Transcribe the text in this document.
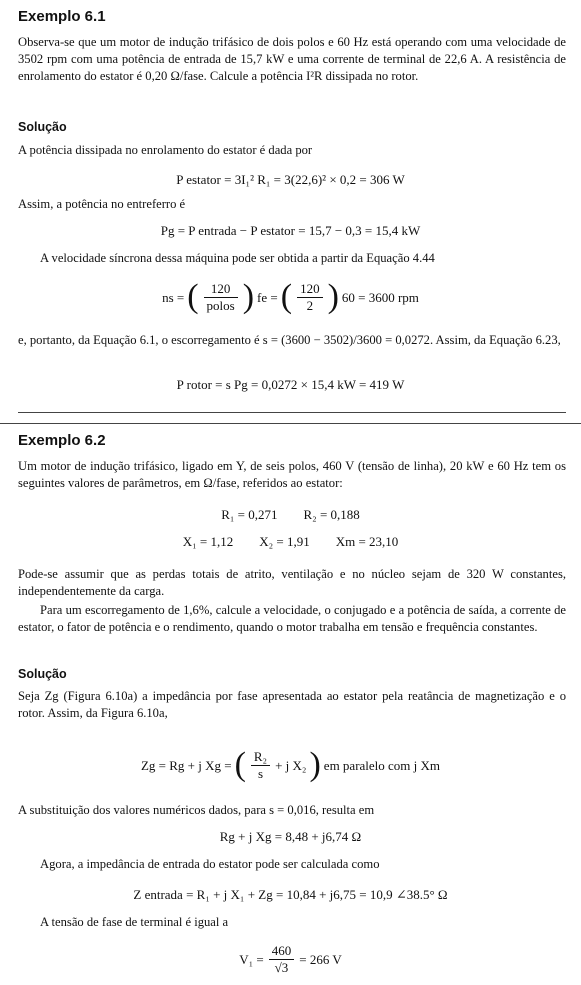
Exemplo 6.1
Observa-se que um motor de indução trifásico de dois polos e 60 Hz está operando com uma velocidade de 3502 rpm com uma potência de entrada de 15,7 kW e uma corrente de terminal de 22,6 A. A resistência de enrolamento do estator é 0,20 Ω/fase. Calcule a potência I²R dissipada no rotor.
Solução
A potência dissipada no enrolamento do estator é dada por
P estator = 3I₁² R₁ = 3(22,6)² × 0,2 = 306 W
Assim, a potência no entreferro é
Pg = P entrada − P estator = 15,7 − 0,3 = 15,4 kW
A velocidade síncrona dessa máquina pode ser obtida a partir da Equação 4.44
ns = ( $\frac{120}{\text{polos}}$ ) fe = ( $\frac{120}{2}$ ) 60 = 3600 rpm
e, portanto, da Equação 6.1, o escorregamento é s = (3600 − 3502)/3600 = 0,0272. Assim, da Equação 6.23,
P rotor = s Pg = 0,0272 × 15,4 kW = 419 W
Exemplo 6.2
Um motor de indução trifásico, ligado em Y, de seis polos, 460 V (tensão de linha), 20 kW e 60 Hz tem os seguintes valores de parâmetros, em Ω/fase, referidos ao estator:
R₁ = 0,271        R₂ = 0,188
X₁ = 1,12        X₂ = 1,91        Xm = 23,10
Pode-se assumir que as perdas totais de atrito, ventilação e no núcleo sejam de 320 W constantes, independentemente da carga.
Para um escorregamento de 1,6%, calcule a velocidade, o conjugado e a potência de saída, a corrente de estator, o fator de potência e o rendimento, quando o motor trabalha em tensão e frequência constantes.
Solução
Seja Zg (Figura 6.10a) a impedância por fase apresentada ao estator pela reatância de magnetização e o rotor. Assim, da Figura 6.10a,
Zg = Rg + j Xg = ( $\frac{\text{R₂}}{s} + j$ X₂ ) em paralelo com j Xm
A substituição dos valores numéricos dados, para s = 0,016, resulta em
Rg + j Xg = 8,48 + j6,74 Ω
Agora, a impedância de entrada do estator pode ser calculada como
Z entrada = R₁ + j X₁ + Zg = 10,84 + j6,75 = 10,9 ∠38.5° Ω
A tensão de fase de terminal é igual a
$V_1 = \frac{460}{√3} = 266$ V
